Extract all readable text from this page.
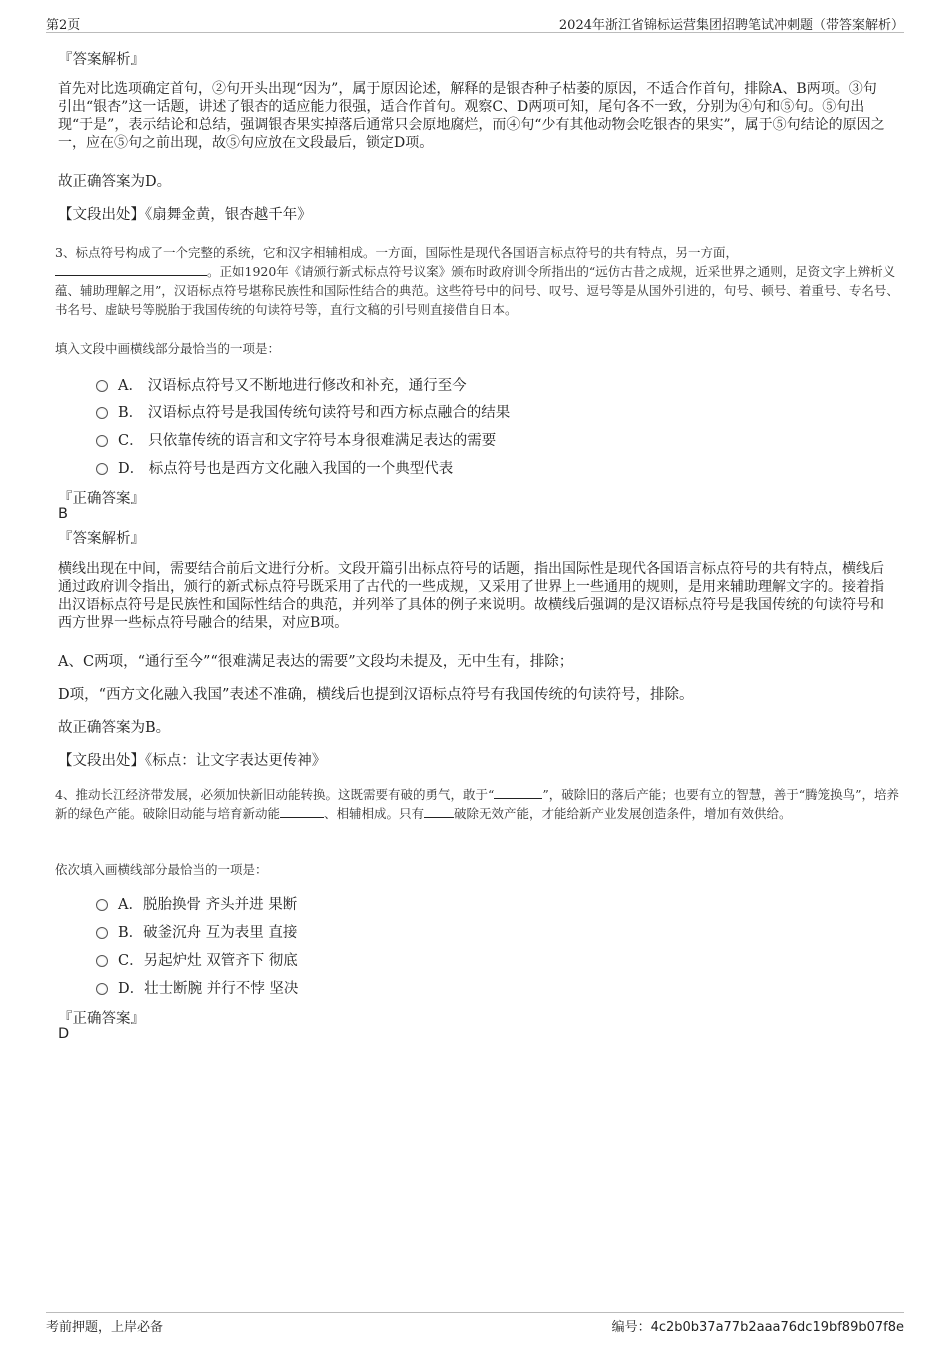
第2页	2024年浙江省锦标运营集团招聘笔试冲刺题（带答案解析）
『答案解析』
首先对比选项确定首句，②句开头出现“因为”，属于原因论述，解释的是银杏种子枯萎的原因，不适合作首句，排除A、B两项。③句引出“银杏”这一话题，讲述了银杏的适应能力很强，适合作首句。观察C、D两项可知，尾句各不一致，分别为④句和⑤句。⑤句出现“于是”，表示结论和总结，强调银杏果实掉落后通常只会原地腐烂，而④句“少有其他动物会吃银杏的果实”，属于⑤句结论的原因之一，应在⑤句之前出现，故⑤句应放在文段最后，锁定D项。
故正确答案为D。
【文段出处】《扇舞金黄，银杏越千年》
3、标点符号构成了一个完整的系统，它和汉字相辅相成。一方面，国际性是现代各国语言标点符号的共有特点，另一方面，
。正如1920年《请颁行新式标点符号议案》颁布时政府训令所指出的“远仿古昔之成规，近采世界之通则，足资文字上辨析义蕴、辅助理解之用”，汉语标点符号堪称民族性和国际性结合的典范。这些符号中的问号、叹号、逗号等是从国外引进的，句号、顿号、着重号、专名号、书名号、虚缺号等脱胎于我国传统的句读符号等，直行文稿的引号则直接借自日本。
填入文段中画横线部分最恰当的一项是：
A． 汉语标点符号又不断地进行修改和补充，通行至今
B． 汉语标点符号是我国传统句读符号和西方标点融合的结果
C． 只依靠传统的语言和文字符号本身很难满足表达的需要
D． 标点符号也是西方文化融入我国的一个典型代表
『正确答案』
B
『答案解析』
横线出现在中间，需要结合前后文进行分析。文段开篇引出标点符号的话题，指出国际性是现代各国语言标点符号的共有特点，横线后通过政府训令指出，颁行的新式标点符号既采用了古代的一些成规，又采用了世界上一些通用的规则，是用来辅助理解文字的。接着指出汉语标点符号是民族性和国际性结合的典范，并列举了具体的例子来说明。故横线后强调的是汉语标点符号是我国传统的句读符号和西方世界一些标点符号融合的结果，对应B项。
A、C两项，“通行至今”“很难满足表达的需要”文段均未提及，无中生有，排除；
D项，“西方文化融入我国”表述不准确，横线后也提到汉语标点符号有我国传统的句读符号，排除。
故正确答案为B。
【文段出处】《标点：让文字表达更传神》
4、推动长江经济带发展，必须加快新旧动能转换。这既需要有破的勇气，敢于“	”，破除旧的落后产能；也要有立的智慧，善于“腾笼换鸟”，培养新的绿色产能。破除旧动能与培育新动能	、相辅相成。只有 破除无效产能，才能给新产业发展创造条件，增加有效供给。
依次填入画横线部分最恰当的一项是：
A．脱胎换骨 齐头并进 果断
B．破釜沉舟 互为表里 直接
C．另起炉灶 双管齐下 彻底
D．壮士断腕 并行不悖 坚决
『正确答案』
D
考前押题，上岸必备	编号：4c2b0b37a77b2aaa76dc19bf89b07f8e
